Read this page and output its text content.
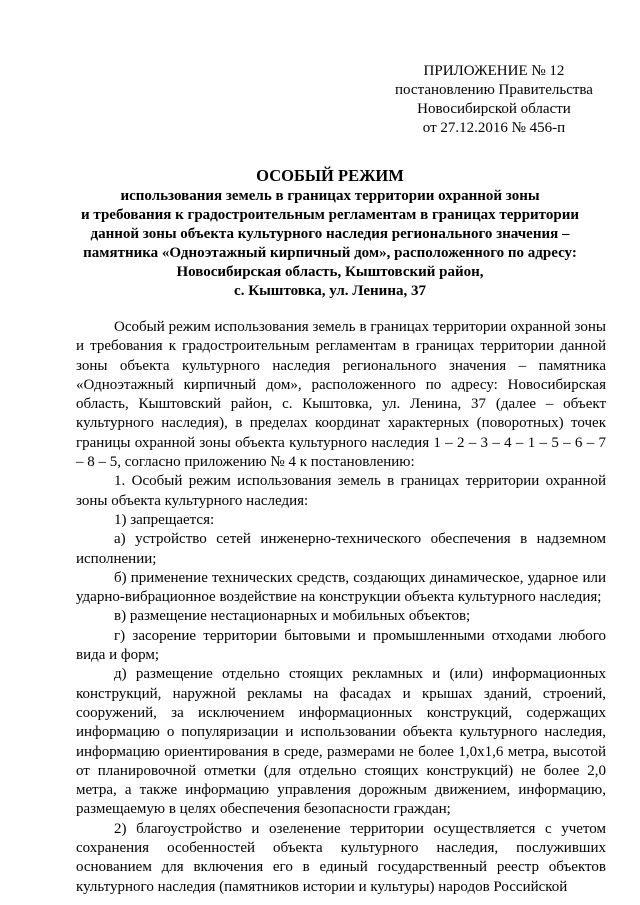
ПРИЛОЖЕНИЕ № 12
постановлению Правительства
Новосибирской области
от 27.12.2016 № 456-п
ОСОБЫЙ РЕЖИМ
использования земель в границах территории охранной зоны
и требования к градостроительным регламентам в границах территории
данной зоны объекта культурного наследия регионального значения –
памятника «Одноэтажный кирпичный дом», расположенного по адресу:
Новосибирская область, Кыштовский район,
с. Кыштовка, ул. Ленина, 37

Особый режим использования земель в границах территории охранной зоны и требования к градостроительным регламентам в границах территории данной зоны объекта культурного наследия регионального значения – памятника «Одноэтажный кирпичный дом», расположенного по адресу: Новосибирская область, Кыштовский район, с. Кыштовка, ул. Ленина, 37 (далее – объект культурного наследия), в пределах координат характерных (поворотных) точек границы охранной зоны объекта культурного наследия 1 – 2 – 3 – 4 – 1 – 5 – 6 – 7 – 8 – 5, согласно приложению № 4 к постановлению:

1. Особый режим использования земель в границах территории охранной зоны объекта культурного наследия:

1) запрещается:

а) устройство сетей инженерно-технического обеспечения в надземном исполнении;

б) применение технических средств, создающих динамическое, ударное или ударно-вибрационное воздействие на конструкции объекта культурного наследия;

в) размещение нестационарных и мобильных объектов;

г) засорение территории бытовыми и промышленными отходами любого вида и форм;

д) размещение отдельно стоящих рекламных и (или) информационных конструкций, наружной рекламы на фасадах и крышах зданий, строений, сооружений, за исключением информационных конструкций, содержащих информацию о популяризации и использовании объекта культурного наследия, информацию ориентирования в среде, размерами не более 1,0х1,6 метра, высотой от планировочной отметки (для отдельно стоящих конструкций) не более 2,0 метра, а также информацию управления дорожным движением, информацию, размещаемую в целях обеспечения безопасности граждан;

2) благоустройство и озеленение территории осуществляется с учетом сохранения особенностей объекта культурного наследия, послуживших основанием для включения его в единый государственный реестр объектов культурного наследия (памятников истории и культуры) народов Российской
